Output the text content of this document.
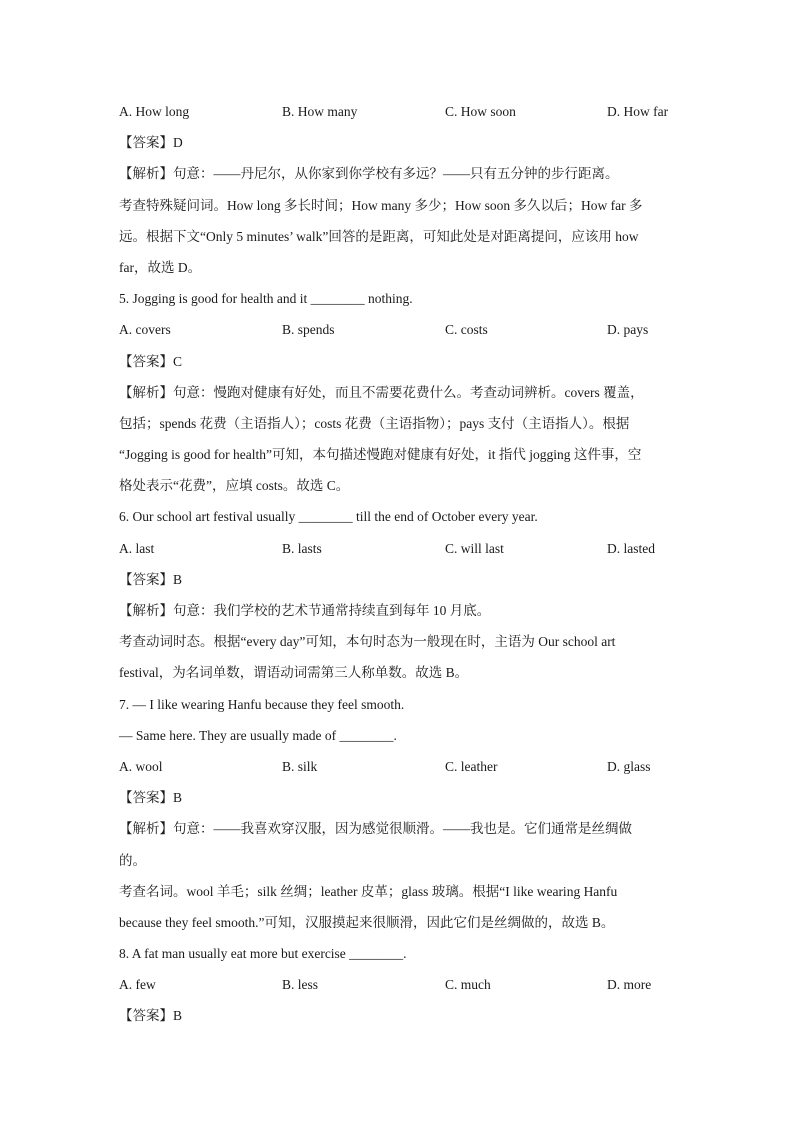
A. How long	B. How many	C. How soon	D. How far
【答案】D
【解析】句意：——丹尼尔，从你家到你学校有多远？——只有五分钟的步行距离。
考查特殊疑问词。How long 多长时间；How many 多少；How soon 多久以后；How far 多
远。根据下文“Only 5 minutes’ walk”回答的是距离，可知此处是对距离提问，应该用 how
far，故选 D。
5. Jogging is good for health and it ________ nothing.
A. covers	B. spends	C. costs	D. pays
【答案】C
【解析】句意：慢跑对健康有好处，而且不需要花费什么。考查动词辨析。covers 覆盖，
包括；spends 花费（主语指人）；costs 花费（主语指物）；pays 支付（主语指人）。根据
“Jogging is good for health”可知，本句描述慢跑对健康有好处，it 指代 jogging 这件事，空
格处表示“花费”，应填 costs。故选 C。
6. Our school art festival usually ________ till the end of October every year.
A. last	B. lasts	C. will last	D. lasted
【答案】B
【解析】句意：我们学校的艺术节通常持续直到每年 10 月底。
考查动词时态。根据“every day”可知，本句时态为一般现在时，主语为 Our school art
festival，为名词单数，谓语动词需第三人称单数。故选 B。
7. — I like wearing Hanfu because they feel smooth.
— Same here. They are usually made of ________.
A. wool	B. silk	C. leather	D. glass
【答案】B
【解析】句意：——我喜欢穿汉服，因为感觉很顺滑。——我也是。它们通常是丝绸做
的。
考查名词。wool 羊毛；silk 丝绸；leather 皮革；glass 玻璃。根据“I like wearing Hanfu
because they feel smooth.”可知，汉服摸起来很顺滑，因此它们是丝绸做的，故选 B。
8. A fat man usually eat more but exercise ________.
A. few	B. less	C. much	D. more
【答案】B
